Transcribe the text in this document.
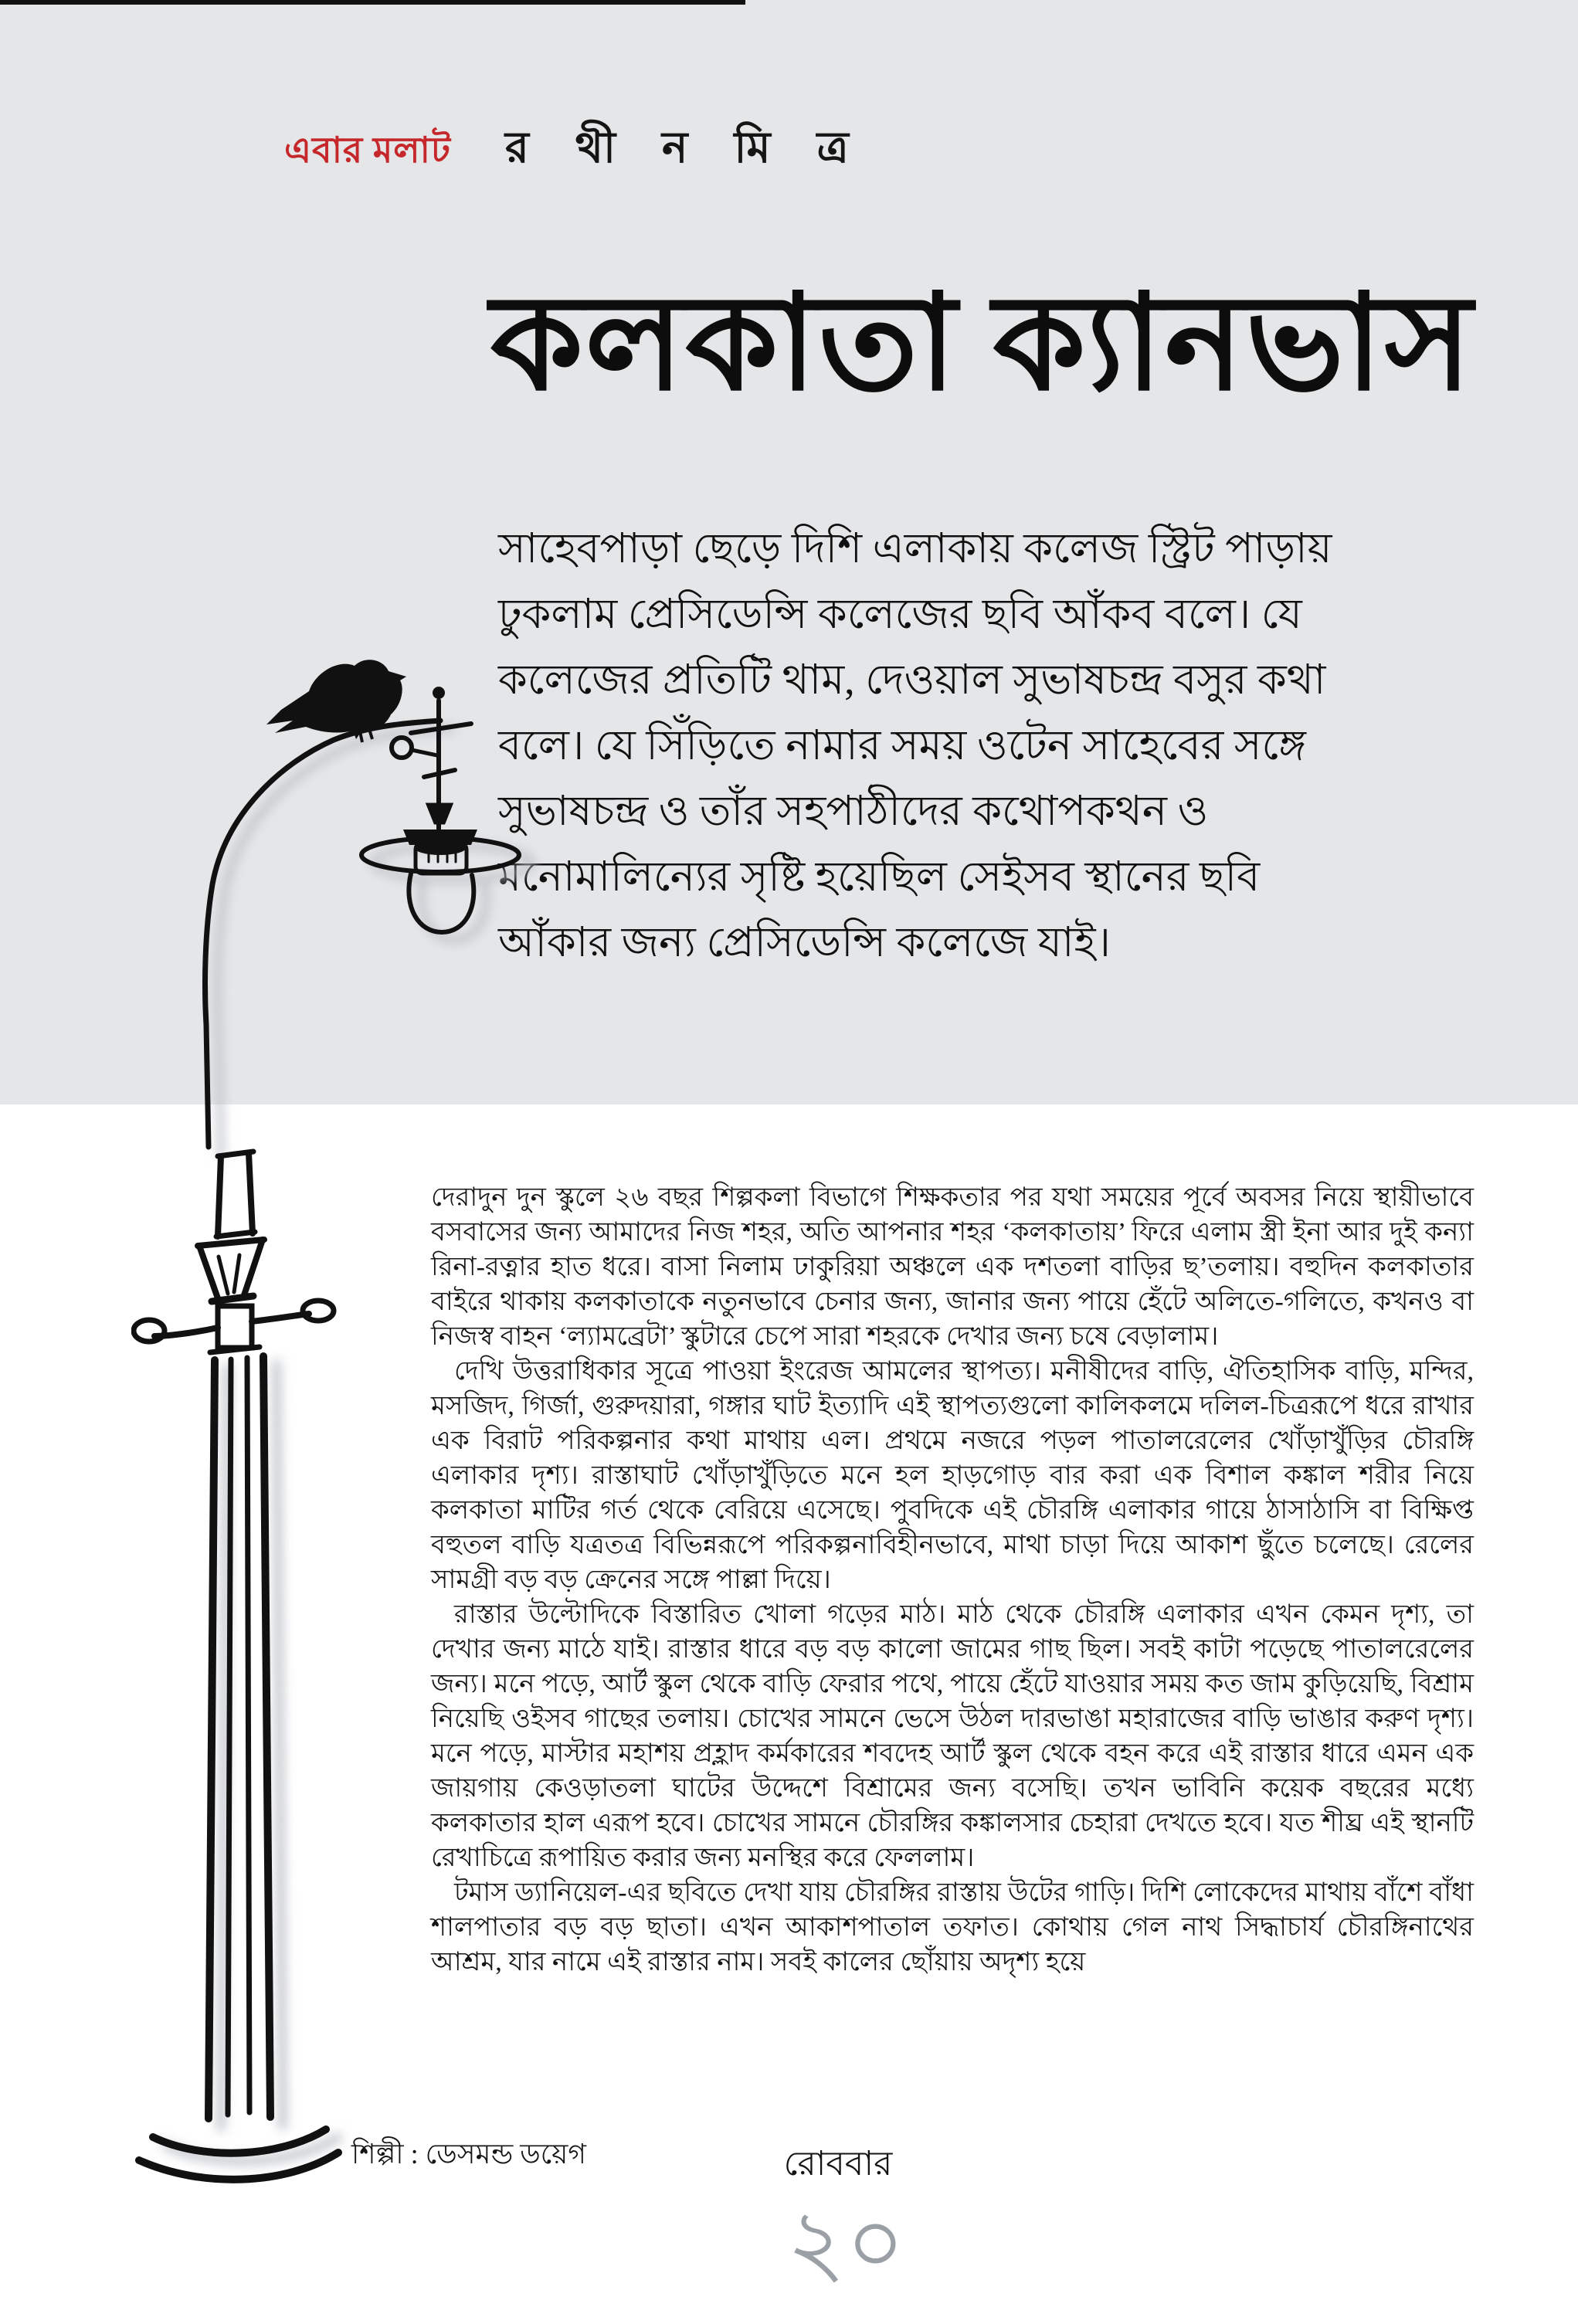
এবার মলাট র থী ন মি ত্র
কলকাতা ক্যানভাস
সাহেবপাড়া ছেড়ে দিশি এলাকায় কলেজ স্ট্রিট পাড়ায়
ঢুকলাম প্রেসিডেন্সি কলেজের ছবি আঁকব বলে। যে
কলেজের প্রতিটি থাম, দেওয়াল সুভাষচন্দ্র বসুর কথা
বলে। যে সিঁড়িতে নামার সময় ওটেন সাহেবের সঙ্গে
সুভাষচন্দ্র ও তাঁর সহপাঠীদের কথোপকথন ও
মনোমালিন্যের সৃষ্টি হয়েছিল সেইসব স্থানের ছবি
আঁকার জন্য প্রেসিডেন্সি কলেজে যাই।

দেরাদুন দুন স্কুলে ২৬ বছর শিল্পকলা বিভাগে শিক্ষকতার পর যথা সময়ের পূর্বে অবসর নিয়ে স্থায়ীভাবে বসবাসের জন্য আমাদের নিজ শহর, অতি আপনার শহর ‘কলকাতায়’ ফিরে এলাম স্ত্রী ইনা আর দুই কন্যা রিনা-রত্নার হাত ধরে। বাসা নিলাম ঢাকুরিয়া অঞ্চলে এক দশতলা বাড়ির ছ’তলায়। বহুদিন কলকাতার বাইরে থাকায় কলকাতাকে নতুনভাবে চেনার জন্য, জানার জন্য পায়ে হেঁটে অলিতে-গলিতে, কখনও বা নিজস্ব বাহন ‘ল্যামব্রেটা’ স্কুটারে চেপে সারা শহরকে দেখার জন্য চষে বেড়ালাম।

দেখি উত্তরাধিকার সূত্রে পাওয়া ইংরেজ আমলের স্থাপত্য। মনীষীদের বাড়ি, ঐতিহাসিক বাড়ি, মন্দির, মসজিদ, গির্জা, গুরুদয়ারা, গঙ্গার ঘাট ইত্যাদি এই স্থাপত্যগুলো কালিকলমে দলিল-চিত্ররূপে ধরে রাখার এক বিরাট পরিকল্পনার কথা মাথায় এল। প্রথমে নজরে পড়ল পাতালরেলের খোঁড়াখুঁড়ির চৌরঙ্গি এলাকার দৃশ্য। রাস্তাঘাট খোঁড়াখুঁড়িতে মনে হল হাড়গোড় বার করা এক বিশাল কঙ্কাল শরীর নিয়ে কলকাতা মাটির গর্ত থেকে বেরিয়ে এসেছে। পুবদিকে এই চৌরঙ্গি এলাকার গায়ে ঠাসাঠাসি বা বিক্ষিপ্ত বহুতল বাড়ি যত্রতত্র বিভিন্নরূপে পরিকল্পনাবিহীনভাবে, মাথা চাড়া দিয়ে আকাশ ছুঁতে চলেছে। রেলের সামগ্রী বড় বড় ক্রেনের সঙ্গে পাল্লা দিয়ে।

রাস্তার উল্টোদিকে বিস্তারিত খোলা গড়ের মাঠ। মাঠ থেকে চৌরঙ্গি এলাকার এখন কেমন দৃশ্য, তা দেখার জন্য মাঠে যাই। রাস্তার ধারে বড় বড় কালো জামের গাছ ছিল। সবই কাটা পড়েছে পাতালরেলের জন্য। মনে পড়ে, আর্ট স্কুল থেকে বাড়ি ফেরার পথে, পায়ে হেঁটে যাওয়ার সময় কত জাম কুড়িয়েছি, বিশ্রাম নিয়েছি ওইসব গাছের তলায়। চোখের সামনে ভেসে উঠল দারভাঙা মহারাজের বাড়ি ভাঙার করুণ দৃশ্য। মনে পড়ে, মাস্টার মহাশয় প্রহ্লাদ কর্মকারের শবদেহ আর্ট স্কুল থেকে বহন করে এই রাস্তার ধারে এমন এক জায়গায় কেওড়াতলা ঘাটের উদ্দেশে বিশ্রামের জন্য বসেছি। তখন ভাবিনি কয়েক বছরের মধ্যে কলকাতার হাল এরূপ হবে। চোখের সামনে চৌরঙ্গির কঙ্কালসার চেহারা দেখতে হবে। যত শীঘ্র এই স্থানটি রেখাচিত্রে রূপায়িত করার জন্য মনস্থির করে ফেললাম।

টমাস ড্যানিয়েল-এর ছবিতে দেখা যায় চৌরঙ্গির রাস্তায় উটের গাড়ি। দিশি লোকেদের মাথায় বাঁশে বাঁধা শালপাতার বড় বড় ছাতা। এখন আকাশপাতাল তফাত। কোথায় গেল নাথ সিদ্ধাচার্য চৌরঙ্গিনাথের আশ্রম, যার নামে এই রাস্তার নাম। সবই কালের ছোঁয়ায় অদৃশ্য হয়ে

শিল্পী : ডেসমন্ড ডয়েগ	রোববার
২০
